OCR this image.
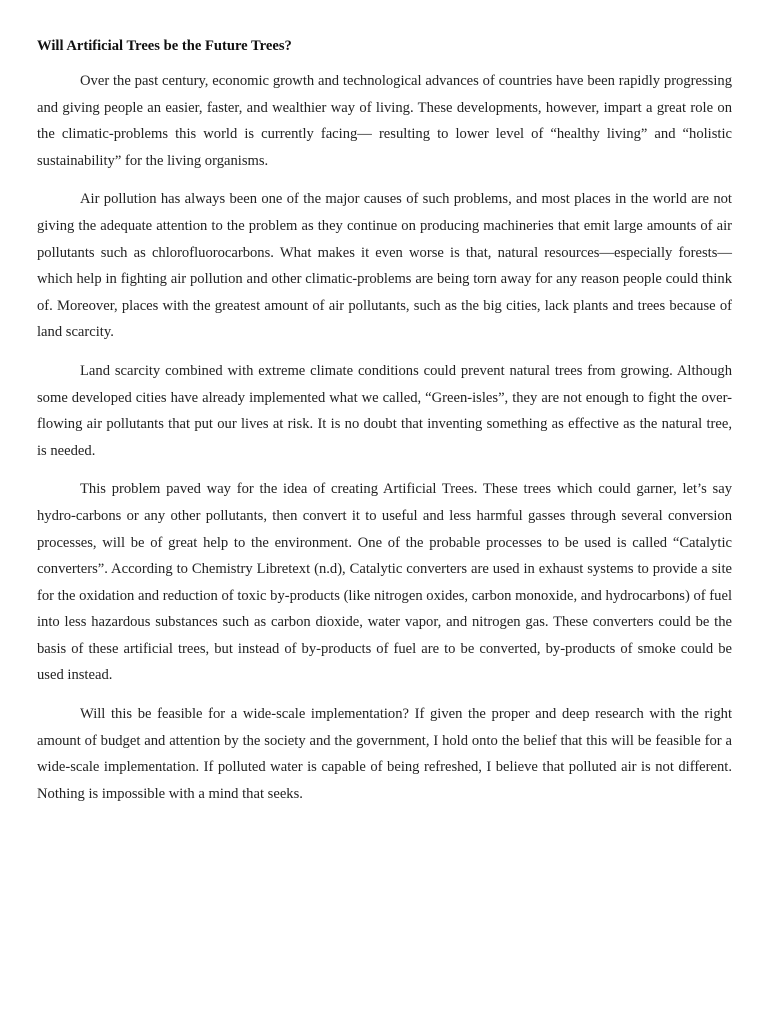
Will Artificial Trees be the Future Trees?

Over the past century, economic growth and technological advances of countries have been rapidly progressing and giving people an easier, faster, and wealthier way of living. These developments, however, impart a great role on the climatic-problems this world is currently facing— resulting to lower level of “healthy living” and “holistic sustainability” for the living organisms.

Air pollution has always been one of the major causes of such problems, and most places in the world are not giving the adequate attention to the problem as they continue on producing machineries that emit large amounts of air pollutants such as chlorofluorocarbons. What makes it even worse is that, natural resources—especially forests—which help in fighting air pollution and other climatic-problems are being torn away for any reason people could think of. Moreover, places with the greatest amount of air pollutants, such as the big cities, lack plants and trees because of land scarcity.

Land scarcity combined with extreme climate conditions could prevent natural trees from growing. Although some developed cities have already implemented what we called, “Green-isles”, they are not enough to fight the over-flowing air pollutants that put our lives at risk. It is no doubt that inventing something as effective as the natural tree, is needed.

This problem paved way for the idea of creating Artificial Trees. These trees which could garner, let’s say hydro-carbons or any other pollutants, then convert it to useful and less harmful gasses through several conversion processes, will be of great help to the environment. One of the probable processes to be used is called “Catalytic converters”. According to Chemistry Libretext (n.d), Catalytic converters are used in exhaust systems to provide a site for the oxidation and reduction of toxic by-products (like nitrogen oxides, carbon monoxide, and hydrocarbons) of fuel into less hazardous substances such as carbon dioxide, water vapor, and nitrogen gas. These converters could be the basis of these artificial trees, but instead of by-products of fuel are to be converted, by-products of smoke could be used instead.

Will this be feasible for a wide-scale implementation? If given the proper and deep research with the right amount of budget and attention by the society and the government, I hold onto the belief that this will be feasible for a wide-scale implementation. If polluted water is capable of being refreshed, I believe that polluted air is not different. Nothing is impossible with a mind that seeks.
